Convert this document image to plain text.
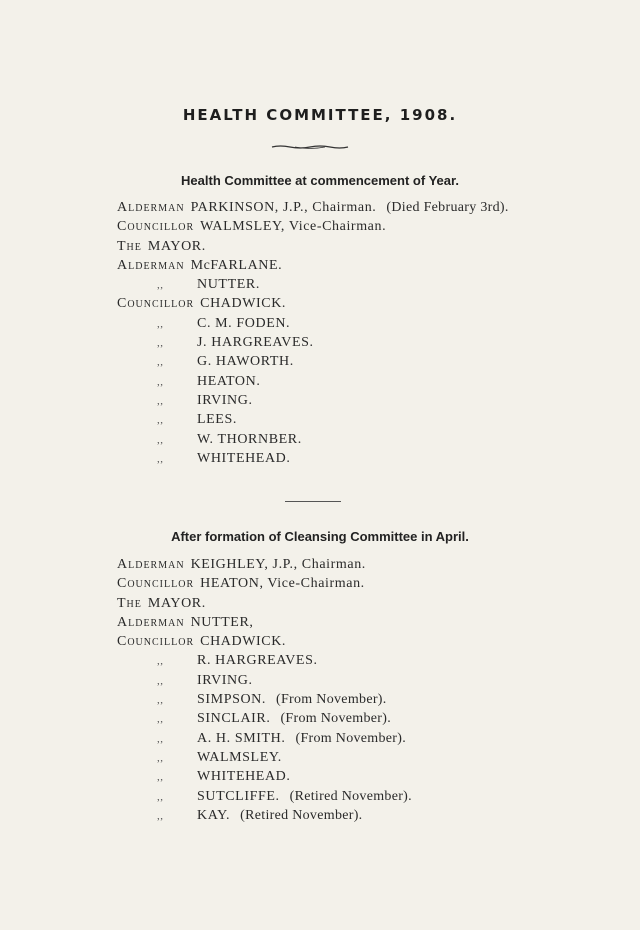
HEALTH COMMITTEE, 1908.
Health Committee at commencement of Year.
Alderman PARKINSON, J.P., Chairman. (Died February 3rd).
Councillor WALMSLEY, Vice-Chairman.
The MAYOR.
Alderman McFARLANE.
,, NUTTER.
Councillor CHADWICK.
,, C. M. FODEN.
,, J. HARGREAVES.
,, G. HAWORTH.
,, HEATON.
,, IRVING.
,, LEES.
,, W. THORNBER.
,, WHITEHEAD.
After formation of Cleansing Committee in April.
Alderman KEIGHLEY, J.P., Chairman.
Councillor HEATON, Vice-Chairman.
The MAYOR.
Alderman NUTTER,
Councillor CHADWICK.
,, R. HARGREAVES.
,, IRVING.
,, SIMPSON. (From November).
,, SINCLAIR. (From November).
,, A. H. SMITH. (From November).
,, WALMSLEY.
,, WHITEHEAD.
,, SUTCLIFFE. (Retired November).
,, KAY. (Retired November).
